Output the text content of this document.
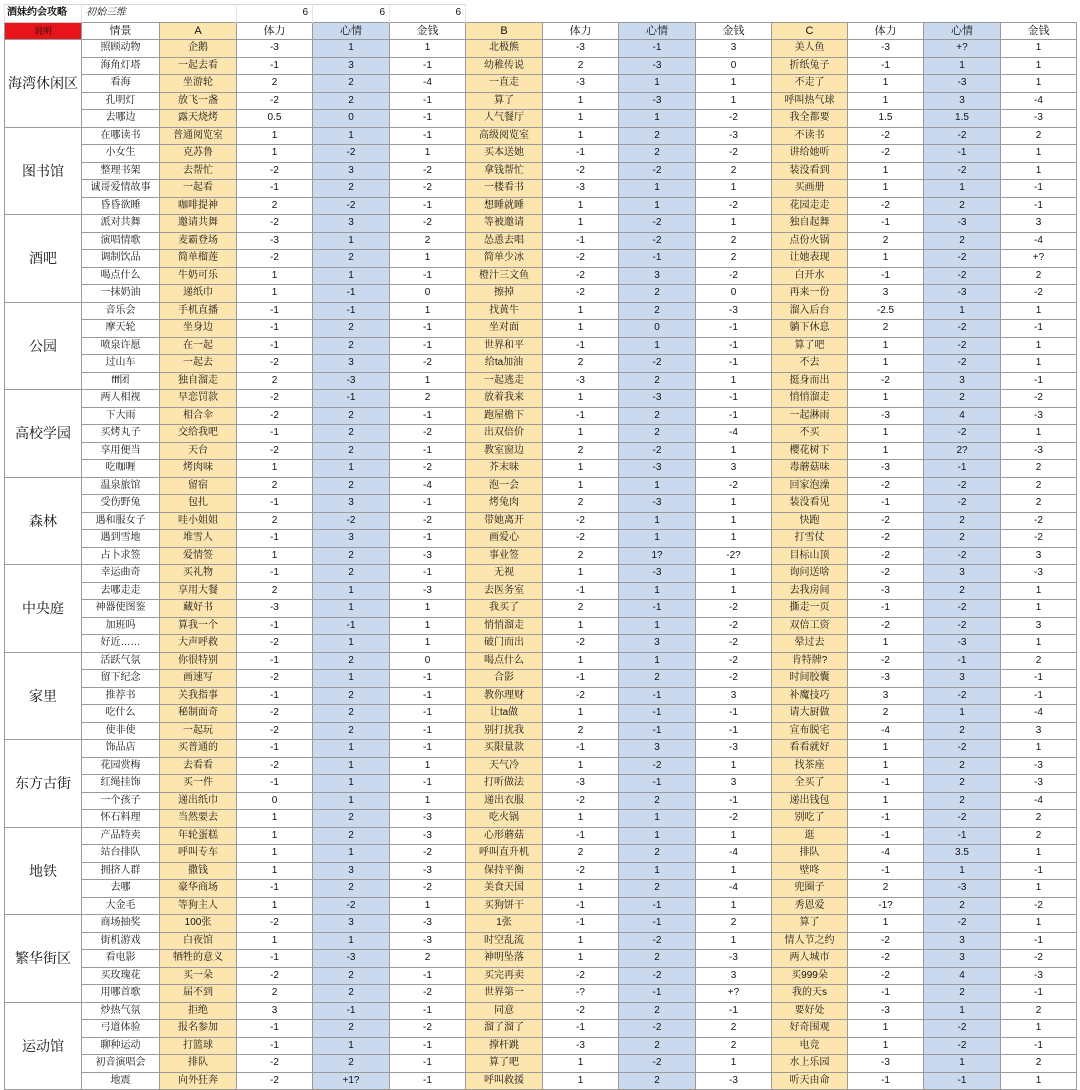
酒妹约会攻略	初始三维		6	6	6								
说明	情景	A	体力	心情	金钱	B	体力	心情	金钱	C	体力	心情	金钱
海湾休闲区	照顾动物	企鹅	-3	1	1	北极熊	-3	-1	3	美人鱼	-3	+?	1
	海角灯塔	一起去看	-1	3	-1	幼稚传说	2	-3	0	折纸兔子	-1	1	1
	看海	坐游轮	2	2	-4	一直走	-3	1	1	不走了	1	-3	1
	孔明灯	放飞一盏	-2	2	-1	算了	1	-3	1	呼叫热气球	1	3	-4
	去哪边	露天烧烤	0.5	0	-1	人气餐厅	1	1	-2	我全都要	1.5	1.5	-3
图书馆	在哪读书	普通阅览室	1	1	-1	高级阅览室	1	2	-3	不读书	-2	-2	2
	小女生	克苏鲁	1	-2	1	买本送她	-1	2	-2	讲给她听	-2	-1	1
	整理书架	去帮忙	-2	3	-2	拿钱帮忙	-2	-2	2	装没看到	1	-2	1
	诚哥爱情故事	一起看	-1	2	-2	一楼看书	-3	1	1	买画册	1	1	-1
	昏昏欲睡	咖啡提神	2	-2	-1	想睡就睡	1	1	-2	花园走走	-2	2	-1
酒吧	派对共舞	邀请共舞	-2	3	-2	等被邀请	1	-2	1	独自起舞	-1	-3	3
	演唱情歌	麦霸登场	-3	1	2	怂恿去唱	-1	-2	2	点份火锅	2	2	-4
	调制饮品	简单榴莲	-2	2	1	简单少冰	-2	-1	2	让她表现	1	-2	+?
	喝点什么	牛奶可乐	1	1	-1	橙汁三文鱼	-2	3	-2	白开水	-1	-2	2
	一抹奶油	递纸巾	1	-1	0	擦掉	-2	2	0	再来一份	3	-3	-2
公园	音乐会	手机直播	-1	-1	1	找黄牛	1	2	-3	溜入后台	-2.5	1	1
	摩天轮	坐身边	-1	2	-1	坐对面	1	0	-1	躺下休息	2	-2	-1
	喷泉许愿	在一起	-1	2	-1	世界和平	-1	1	-1	算了吧	1	-2	1
	过山车	一起去	-2	3	-2	给ta加油	2	-2	-1	不去	1	-2	1
	fff团	独自溜走	2	-3	1	一起逃走	-3	2	1	挺身而出	-2	3	-1
高校学园	两人相视	早恋罚款	-2	-1	2	放着我来	1	-3	-1	悄悄溜走	1	2	-2
	下大雨	相合伞	-2	2	-1	跑屋檐下	-1	2	-1	一起淋雨	-3	4	-3
	买烤丸子	交给我吧	-1	2	-2	出双倍价	1	2	-4	不买	1	-2	1
	享用便当	天台	-2	2	-1	教室窗边	2	-2	1	樱花树下	1	2?	-3
	吃咖喱	烤肉味	1	1	-2	芥末味	1	-3	3	毒蘑菇味	-3	-1	2
森林	温泉旅馆	留宿	2	2	-4	泡一会	1	1	-2	回家泡澡	-2	-2	2
	受伤野兔	包扎	-1	3	-1	烤兔肉	2	-3	1	装没看见	-1	-2	2
	遇和服女子	哇小姐姐	2	-2	-2	带她离开	-2	1	1	快跑	-2	2	-2
	遇到雪地	堆雪人	-1	3	-1	画爱心	-2	1	1	打雪仗	-2	2	-2
	占卜求签	爱情签	1	2	-3	事业签	2	1?	-2?	目标山顶	-2	-2	3
中央庭	幸运曲奇	买礼物	-1	2	-1	无视	1	-3	1	询问送啥	-2	3	-3
	去哪走走	享用大餐	2	1	-3	去医务室	-1	1	1	去我房间	-3	2	1
	神器使图鉴	藏好书	-3	1	1	我买了	2	-1	-2	撕走一页	-1	-2	1
	加班吗	算我一个	-1	-1	1	悄悄溜走	1	1	-2	双倍工资	-2	-2	3
	好近……	大声呼救	-2	1	1	破门而出	-2	3	-2	晕过去	1	-3	1
家里	活跃气氛	你很特别	-1	2	0	喝点什么	1	1	-2	肯特牌?	-2	-1	2
	留下纪念	画速写	-2	1	-1	合影	-1	2	-2	时间胶囊	-3	3	-1
	推荐书	关我指事	-1	2	-1	教你理财	-2	-1	3	补魔技巧	3	-2	-1
	吃什么	秘制面奇	-2	2	-1	让ta做	1	-1	-1	请大厨做	2	1	-4
	使非使	一起玩	-2	2	-1	别打扰我	2	-1	-1	宣布脱宅	-4	2	3
东方古街	饰品店	买普通的	-1	1	-1	买限量款	-1	3	-3	看看就好	1	-2	1
	花园赏梅	去看看	-2	1	1	天气冷	1	-2	1	找茶座	1	2	-3
	红绳挂饰	买一件	-1	1	-1	打听做法	-3	-1	3	全买了	-1	2	-3
	一个孩子	递出纸巾	0	1	1	递出衣服	-2	2	-1	递出钱包	1	2	-4
	怀石料理	当然要去	1	2	-3	吃火锅	1	1	-2	别吃了	-1	-2	2
地铁	产品特卖	年轮蛋糕	1	2	-3	心形蘑菇	-1	1	1	逛	-1	-1	2
	站台排队	呼叫专车	1	1	-2	呼叫直升机	2	2	-4	排队	-4	3.5	1
	拥挤人群	撒钱	1	3	-3	保持平衡	-2	1	1	壁咚	-1	1	-1
	去哪	豪华商场	-1	2	-2	美食天国	1	2	-4	兜圈子	2	-3	1
	大金毛	等狗主人	1	-2	1	买狗饼干	-1	-1	1	秀恩爱	-1?	2	-2
繁华街区	商场抽奖	100张	-2	3	-3	1张	-1	-1	2	算了	1	-2	1
	街机游戏	白夜馆	1	1	-3	时空乱流	1	-2	1	情人节之约	-2	3	-1
	看电影	牺牲的意义	-1	-3	2	神明坠落	1	2	-3	两人城市	-2	3	-2
	买玫瑰花	买一朵	-2	2	-1	买完再卖	-2	-2	3	买999朵	-2	4	-3
	用哪首歌	届不到	2	2	-2	世界第一	-?	-1	+?	我的天s	-1	2	-1
运动馆	炒热气氛	拒绝	3	-1	-1	同意	-2	2	-1	要好处	-3	1	2
	弓道体验	报名参加	-1	2	-2	溜了溜了	-1	-2	2	好奇围观	1	-2	1
	聊种运动	打篮球	-1	1	-1	撑杆跳	-3	2	2	电竞	1	-2	-1
	初音演唱会	排队	-2	2	-1	算了吧	1	-2	1	水上乐园	-3	1	2
	地震	向外狂奔	-2	+1?	-1	呼叫救援	1	2	-3	听天由命	-1	-1	1
